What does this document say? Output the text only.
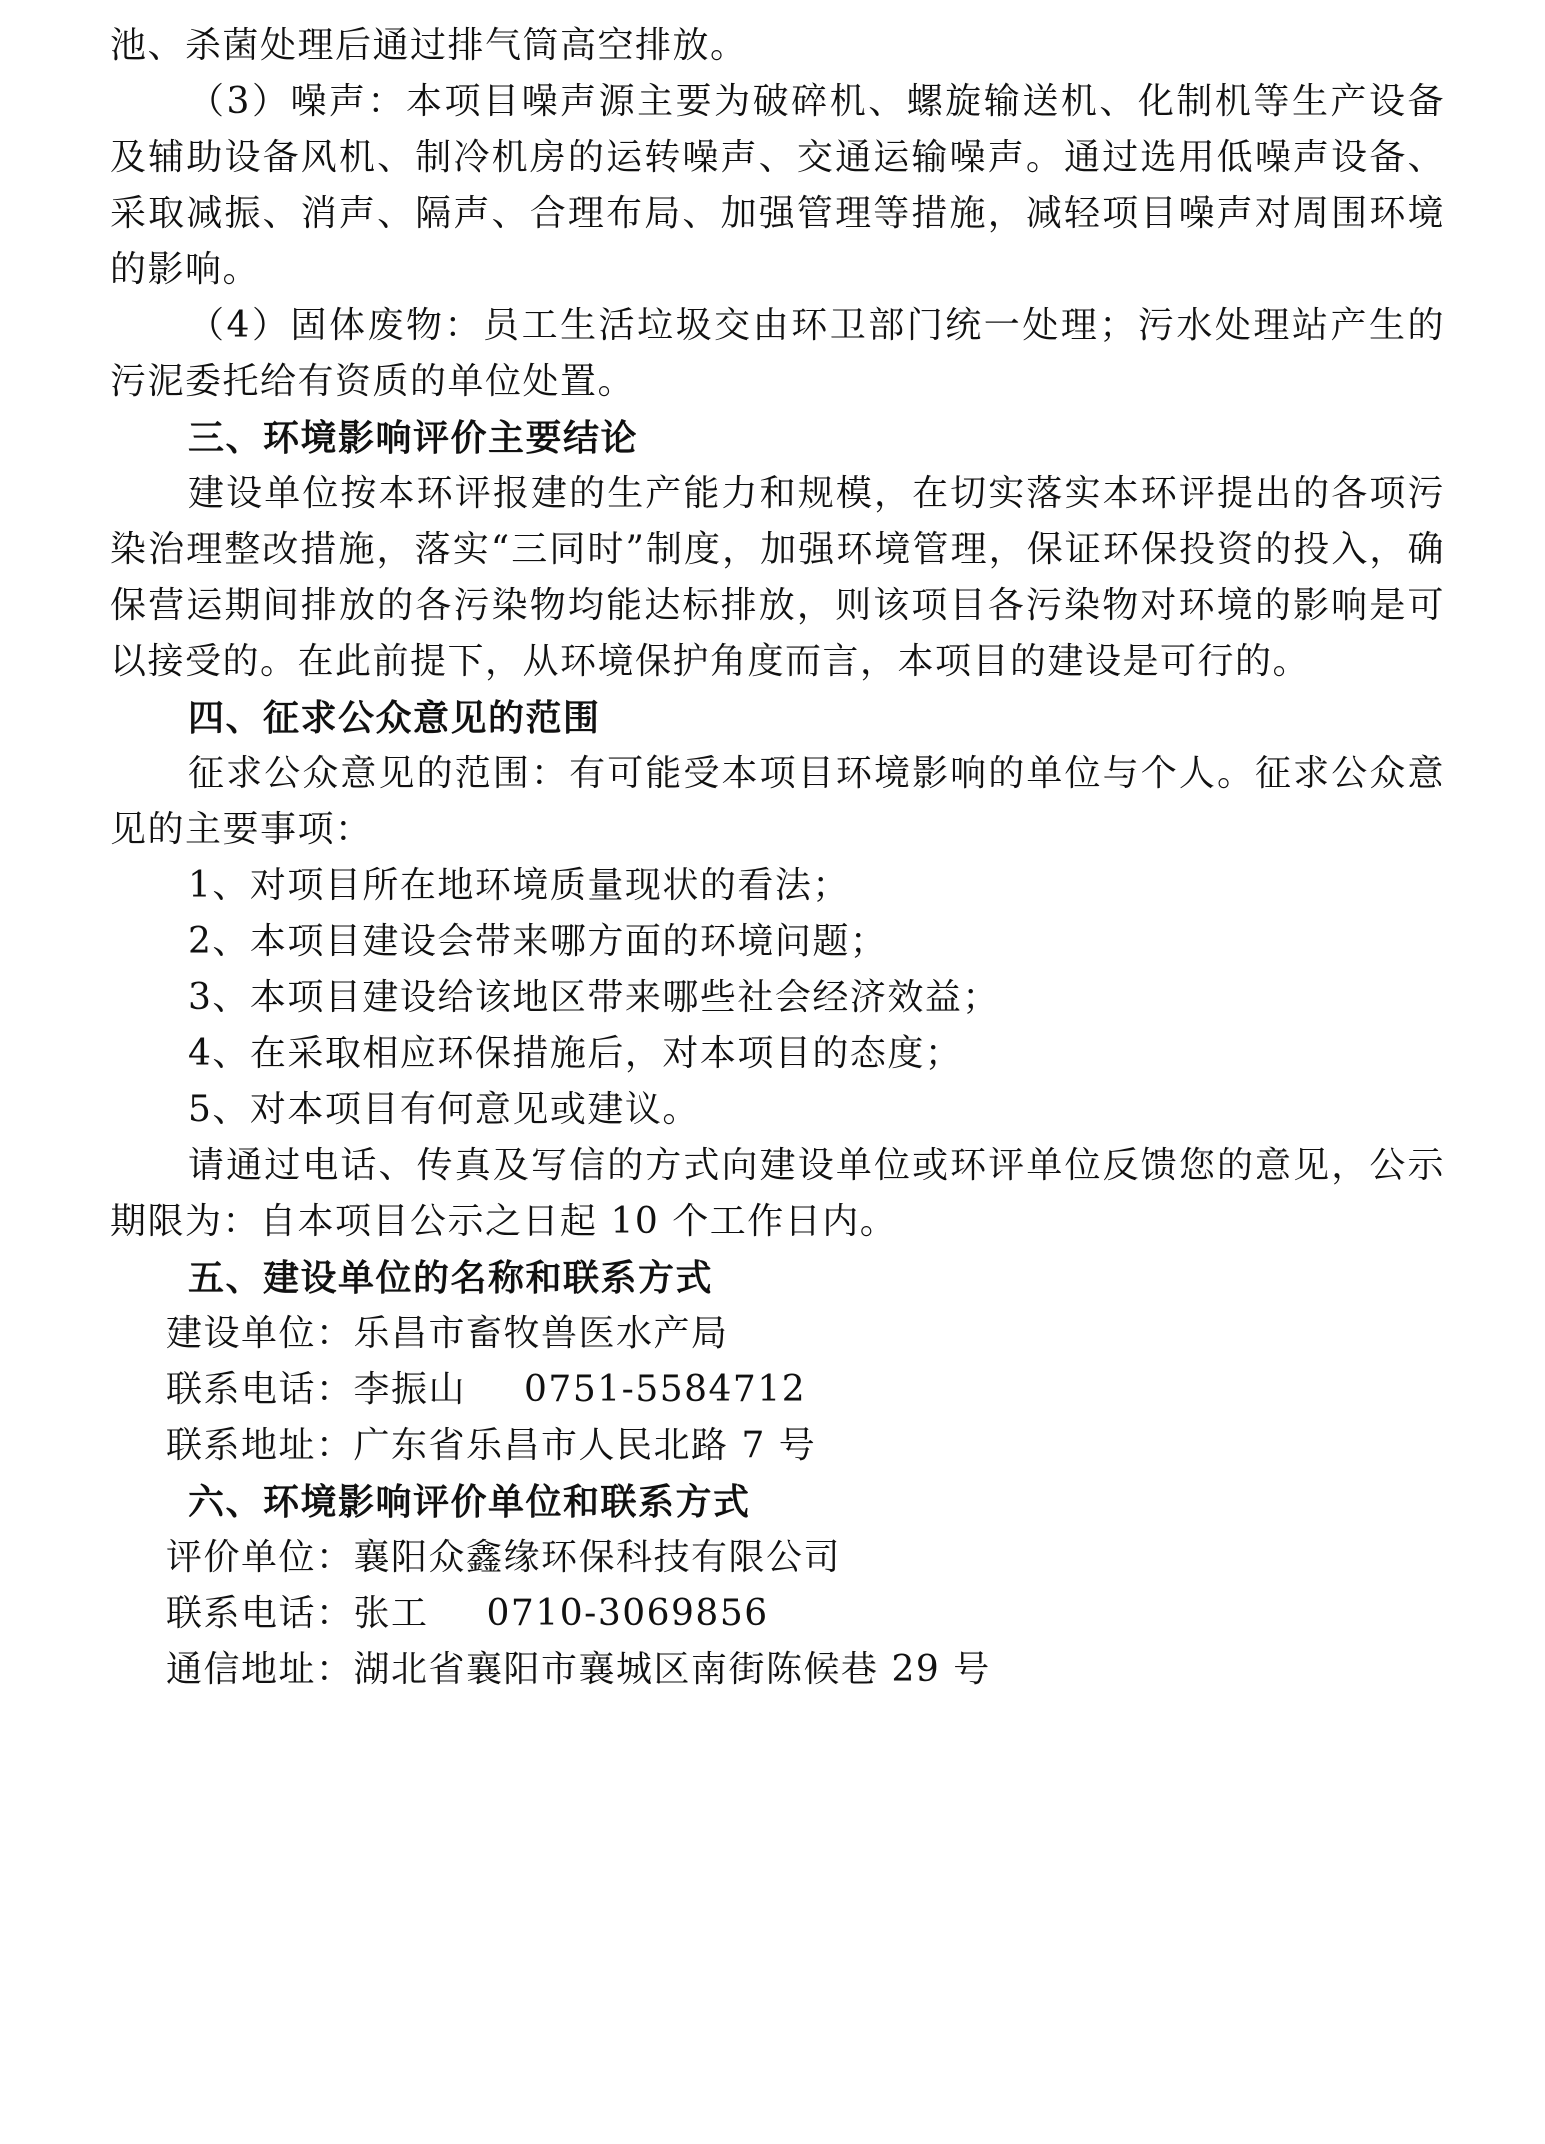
池、杀菌处理后通过排气筒高空排放。

（3）噪声：本项目噪声源主要为破碎机、螺旋输送机、化制机等生产设备及辅助设备风机、制冷机房的运转噪声、交通运输噪声。通过选用低噪声设备、采取减振、消声、隔声、合理布局、加强管理等措施，减轻项目噪声对周围环境的影响。

（4）固体废物：员工生活垃圾交由环卫部门统一处理；污水处理站产生的污泥委托给有资质的单位处置。

三、环境影响评价主要结论

建设单位按本环评报建的生产能力和规模，在切实落实本环评提出的各项污染治理整改措施，落实“三同时”制度，加强环境管理，保证环保投资的投入，确保营运期间排放的各污染物均能达标排放，则该项目各污染物对环境的影响是可以接受的。在此前提下，从环境保护角度而言，本项目的建设是可行的。

四、征求公众意见的范围

征求公众意见的范围：有可能受本项目环境影响的单位与个人。征求公众意见的主要事项：

1、对项目所在地环境质量现状的看法；

2、本项目建设会带来哪方面的环境问题；

3、本项目建设给该地区带来哪些社会经济效益；

4、在采取相应环保措施后，对本项目的态度；

5、对本项目有何意见或建议。

请通过电话、传真及写信的方式向建设单位或环评单位反馈您的意见，公示期限为：自本项目公示之日起 10 个工作日内。

五、建设单位的名称和联系方式

建设单位：乐昌市畜牧兽医水产局

联系电话：李振山 0751-5584712

联系地址：广东省乐昌市人民北路 7 号

六、环境影响评价单位和联系方式

评价单位：襄阳众鑫缘环保科技有限公司

联系电话：张工 0710-3069856

通信地址：湖北省襄阳市襄城区南街陈候巷 29 号
